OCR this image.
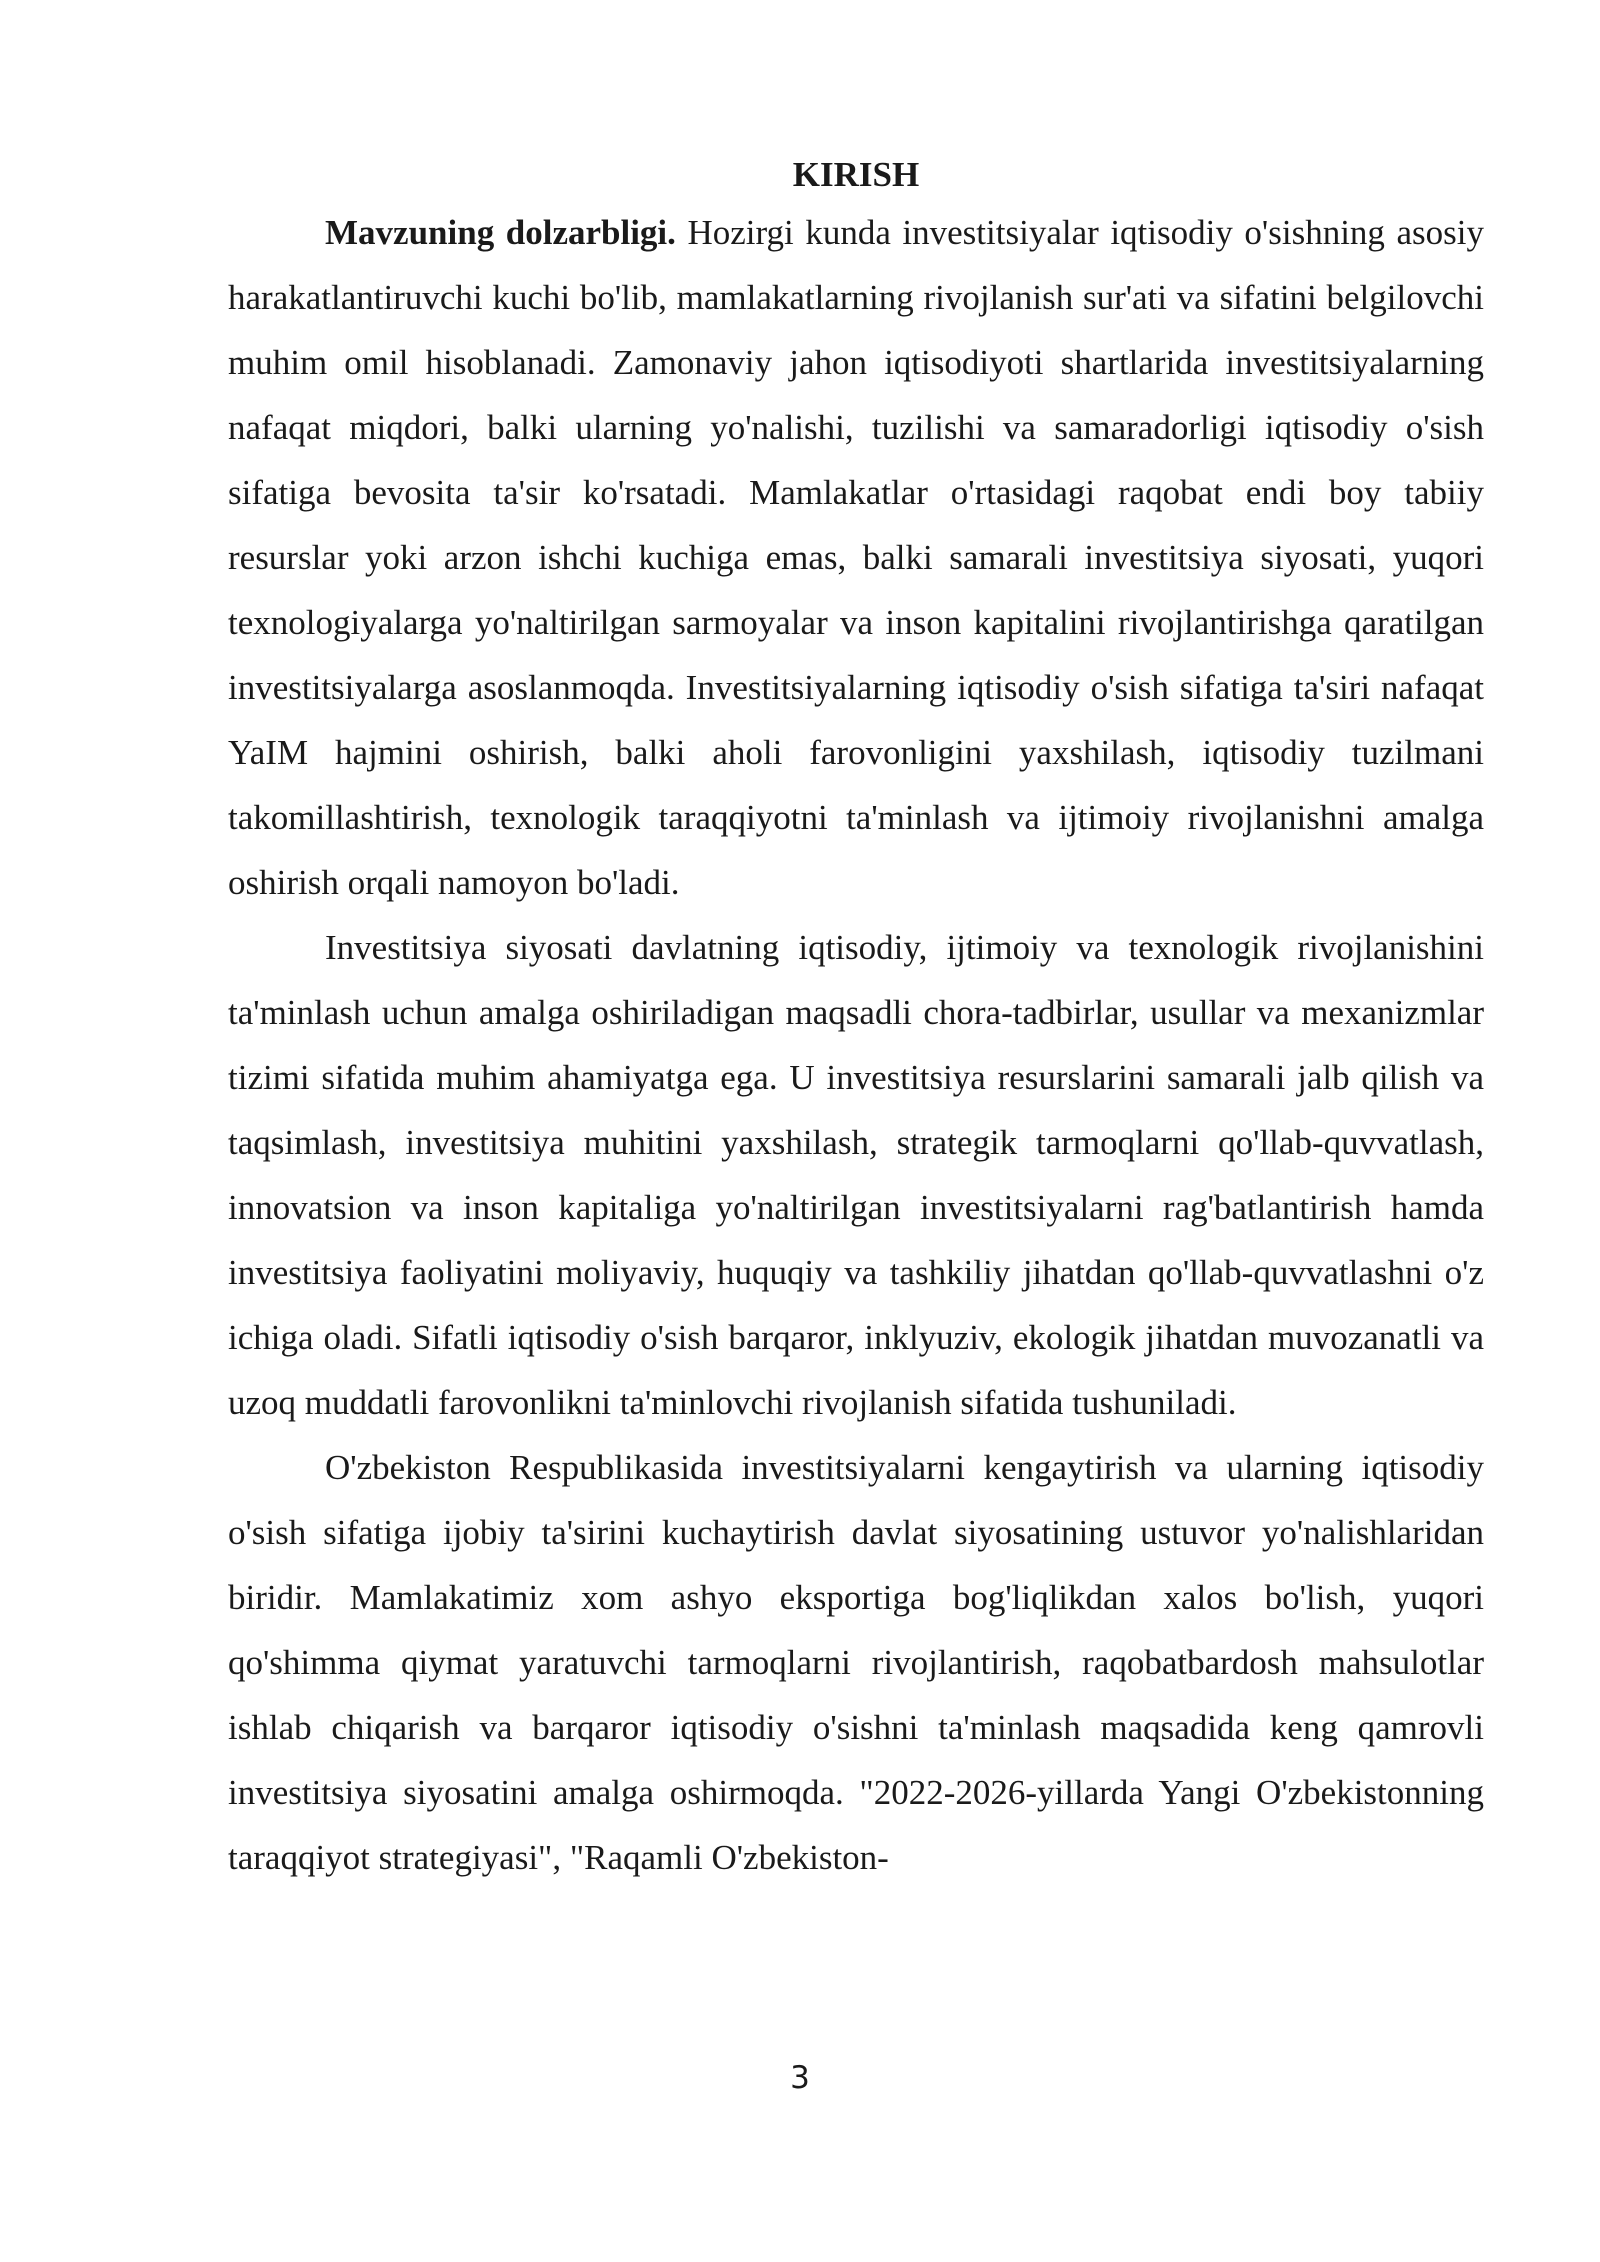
KIRISH

Mavzuning dolzarbligi. Hozirgi kunda investitsiyalar iqtisodiy o'sishning asosiy harakatlantiruvchi kuchi bo'lib, mamlakatlarning rivojlanish sur'ati va sifatini belgilovchi muhim omil hisoblanadi. Zamonaviy jahon iqtisodiyoti shartlarida investitsiyalarning nafaqat miqdori, balki ularning yo'nalishi, tuzilishi va samaradorligi iqtisodiy o'sish sifatiga bevosita ta'sir ko'rsatadi. Mamlakatlar o'rtasidagi raqobat endi boy tabiiy resurslar yoki arzon ishchi kuchiga emas, balki samarali investitsiya siyosati, yuqori texnologiyalarga yo'naltirilgan sarmoyalar va inson kapitalini rivojlantirishga qaratilgan investitsiyalarga asoslanmoqda. Investitsiyalarning iqtisodiy o'sish sifatiga ta'siri nafaqat YaIM hajmini oshirish, balki aholi farovonligini yaxshilash, iqtisodiy tuzilmani takomillashtirish, texnologik taraqqiyotni ta'minlash va ijtimoiy rivojlanishni amalga oshirish orqali namoyon bo'ladi.

Investitsiya siyosati davlatning iqtisodiy, ijtimoiy va texnologik rivojlanishini ta'minlash uchun amalga oshiriladigan maqsadli chora-tadbirlar, usullar va mexanizmlar tizimi sifatida muhim ahamiyatga ega. U investitsiya resurslarini samarali jalb qilish va taqsimlash, investitsiya muhitini yaxshilash, strategik tarmoqlarni qo'llab-quvvatlash, innovatsion va inson kapitaliga yo'naltirilgan investitsiyalarni rag'batlantirish hamda investitsiya faoliyatini moliyaviy, huquqiy va tashkiliy jihatdan qo'llab-quvvatlashni o'z ichiga oladi. Sifatli iqtisodiy o'sish barqaror, inklyuziv, ekologik jihatdan muvozanatli va uzoq muddatli farovonlikni ta'minlovchi rivojlanish sifatida tushuniladi.

O'zbekiston Respublikasida investitsiyalarni kengaytirish va ularning iqtisodiy o'sish sifatiga ijobiy ta'sirini kuchaytirish davlat siyosatining ustuvor yo'nalishlaridan biridir. Mamlakatimiz xom ashyo eksportiga bog'liqlikdan xalos bo'lish, yuqori qo'shimma qiymat yaratuvchi tarmoqlarni rivojlantirish, raqobatbardosh mahsulotlar ishlab chiqarish va barqaror iqtisodiy o'sishni ta'minlash maqsadida keng qamrovli investitsiya siyosatini amalga oshirmoqda. "2022-2026-yillarda Yangi O'zbekistonning taraqqiyot strategiyasi", "Raqamli O'zbekiston-

3
